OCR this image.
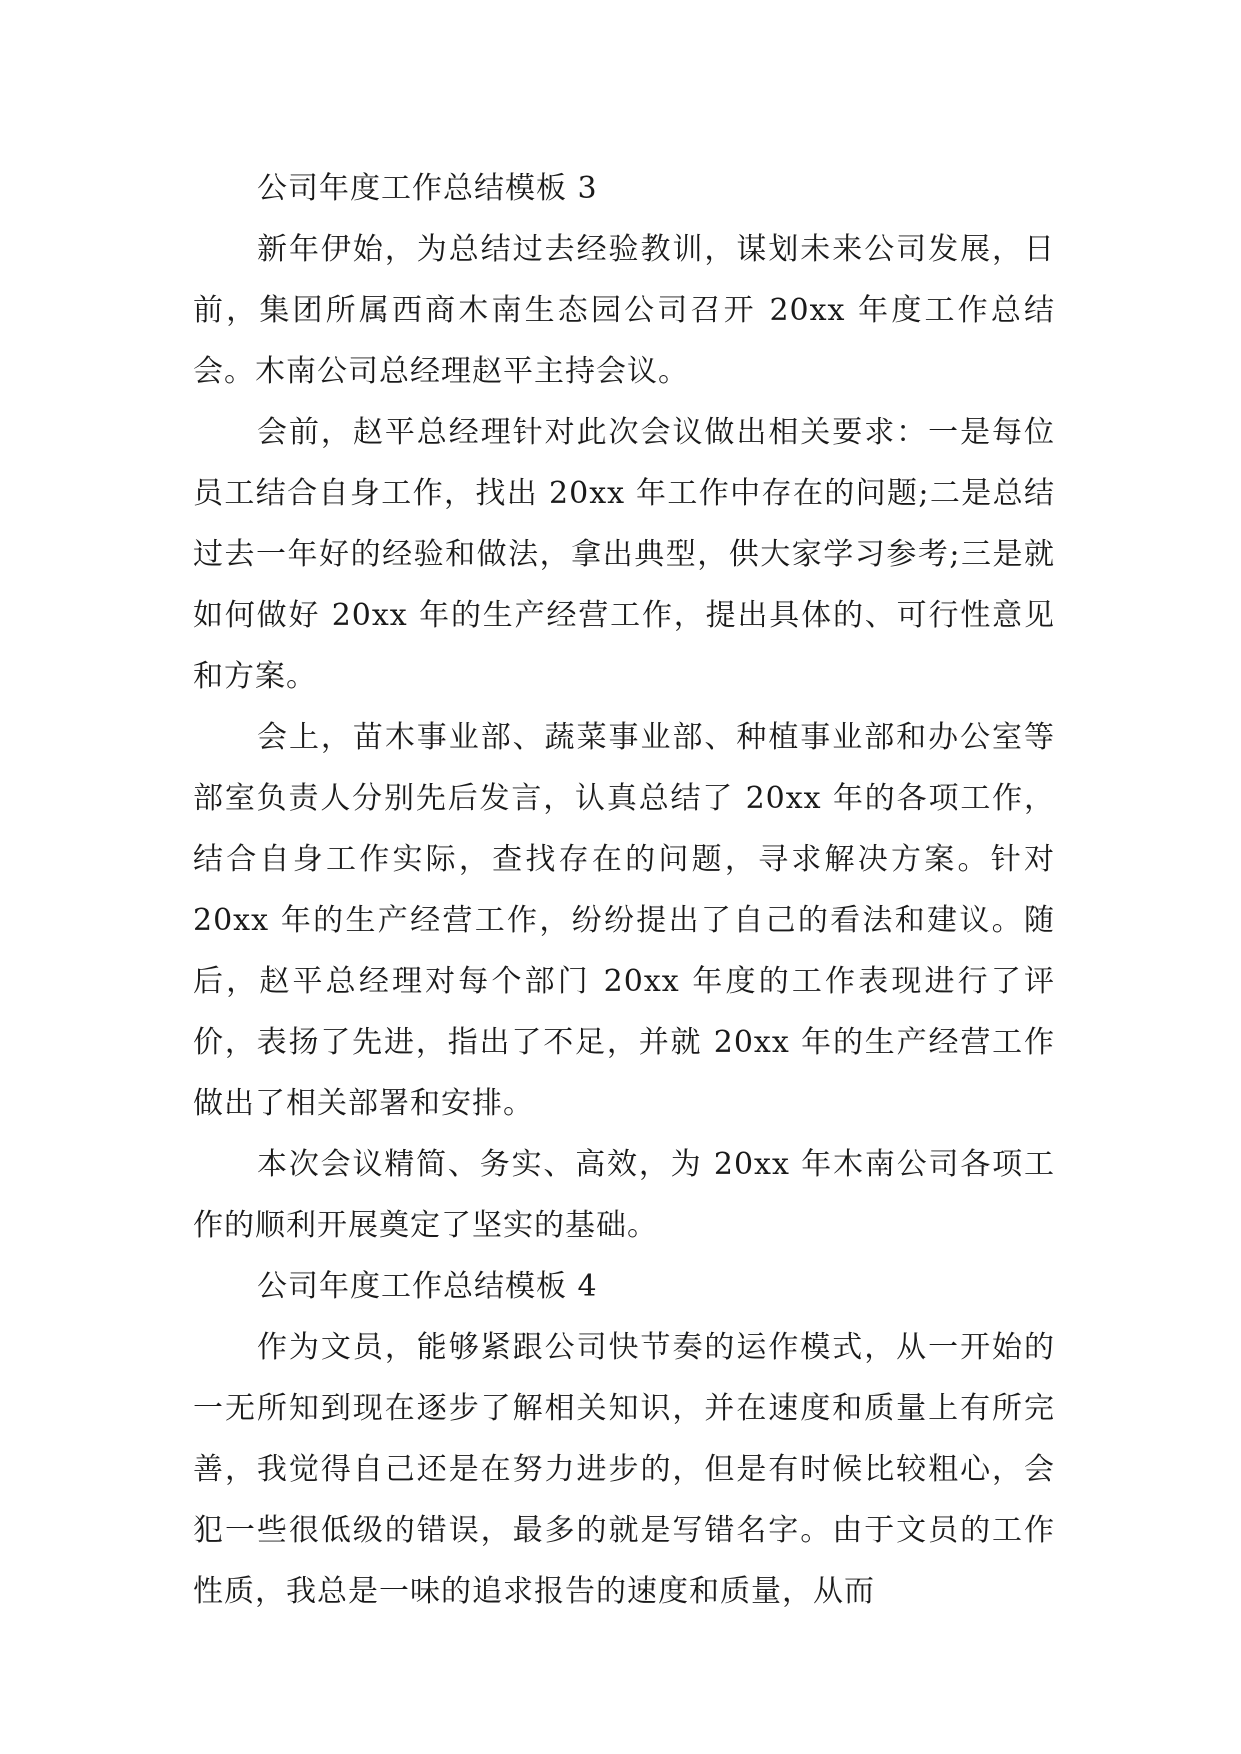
公司年度工作总结模板 3

新年伊始，为总结过去经验教训，谋划未来公司发展，日前，集团所属西商木南生态园公司召开 20xx 年度工作总结会。木南公司总经理赵平主持会议。

会前，赵平总经理针对此次会议做出相关要求：一是每位员工结合自身工作，找出 20xx 年工作中存在的问题;二是总结过去一年好的经验和做法，拿出典型，供大家学习参考;三是就如何做好 20xx 年的生产经营工作，提出具体的、可行性意见和方案。

会上，苗木事业部、蔬菜事业部、种植事业部和办公室等部室负责人分别先后发言，认真总结了 20xx 年的各项工作，结合自身工作实际，查找存在的问题，寻求解决方案。针对 20xx 年的生产经营工作，纷纷提出了自己的看法和建议。随后，赵平总经理对每个部门 20xx 年度的工作表现进行了评价，表扬了先进，指出了不足，并就 20xx 年的生产经营工作做出了相关部署和安排。

本次会议精简、务实、高效，为 20xx 年木南公司各项工作的顺利开展奠定了坚实的基础。

公司年度工作总结模板 4

作为文员，能够紧跟公司快节奏的运作模式，从一开始的一无所知到现在逐步了解相关知识，并在速度和质量上有所完善，我觉得自己还是在努力进步的，但是有时候比较粗心，会犯一些很低级的错误，最多的就是写错名字。由于文员的工作性质，我总是一味的追求报告的速度和质量，从而
